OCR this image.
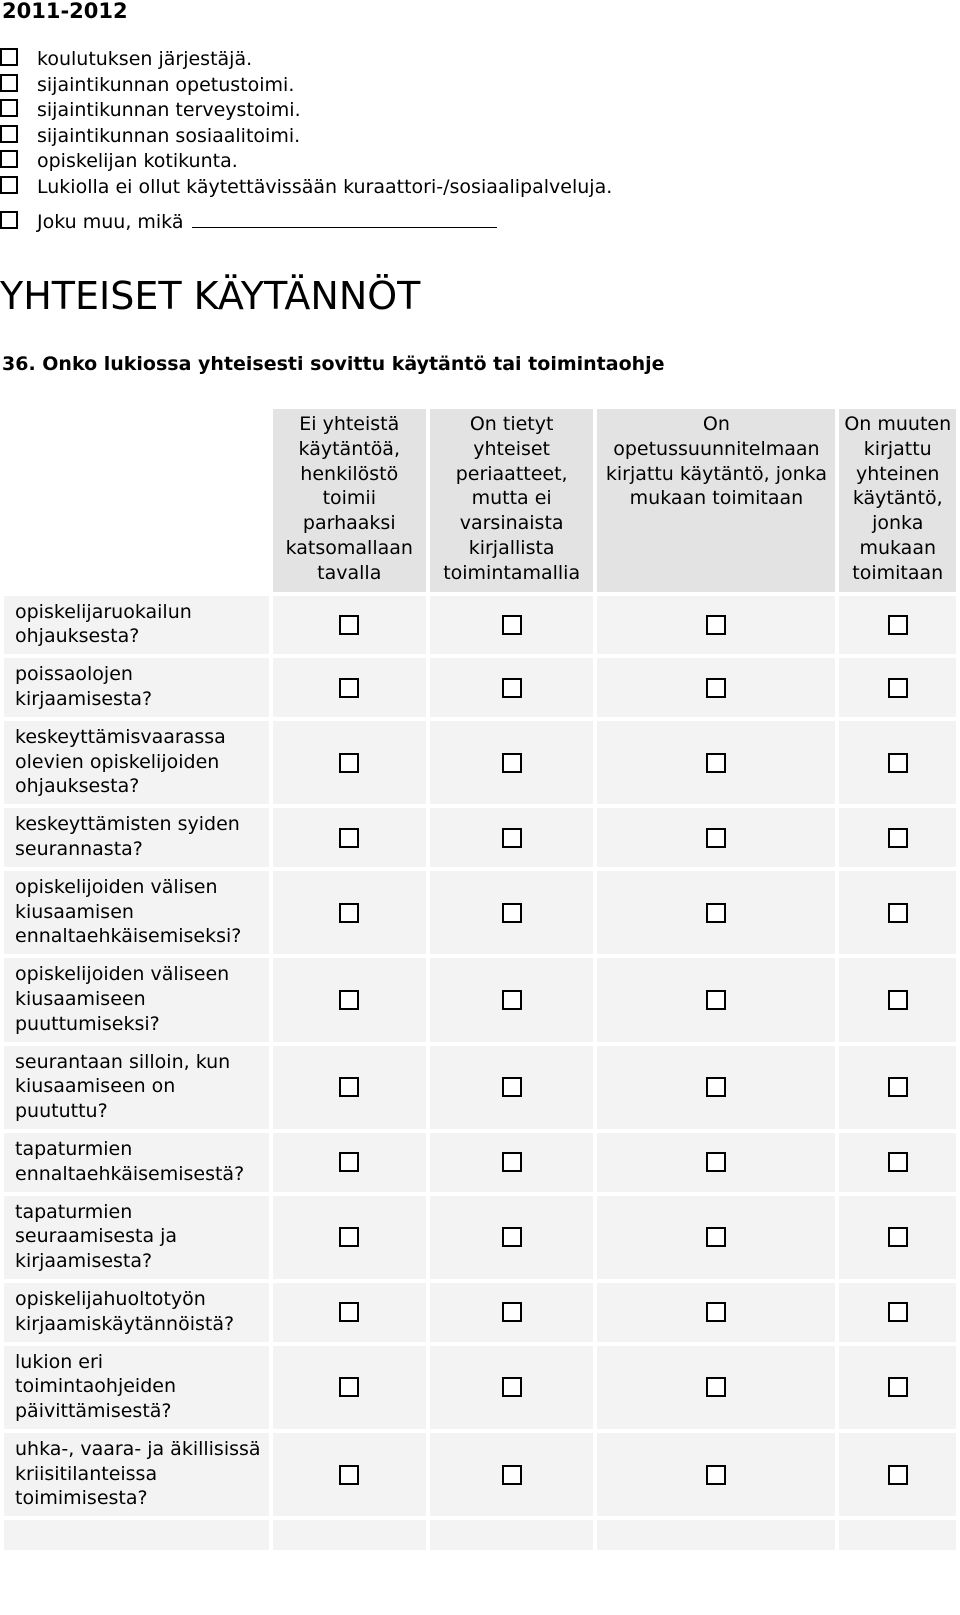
2011-2012
koulutuksen järjestäjä.
sijaintikunnan opetustoimi.
sijaintikunnan terveystoimi.
sijaintikunnan sosiaalitoimi.
opiskelijan kotikunta.
Lukiolla ei ollut käytettävissään kuraattori-/sosiaalipalveluja.
Joku muu, mikä
YHTEISET KÄYTÄNNÖT
36. Onko lukiossa yhteisesti sovittu käytäntö tai toimintaohje
	Ei yhteistä käytäntöä, henkilöstö toimii parhaaksi katsomallaan tavalla	On tietyt yhteiset periaatteet, mutta ei varsinaista kirjallista toimintamallia	On opetussuunnitelmaan kirjattu käytäntö, jonka mukaan toimitaan	On muuten kirjattu yhteinen käytäntö, jonka mukaan toimitaan
opiskelijaruokailun ohjauksesta?				
poissaolojen kirjaamisesta?				
keskeyttämisvaarassa olevien opiskelijoiden ohjauksesta?				
keskeyttämisten syiden seurannasta?				
opiskelijoiden välisen kiusaamisen ennaltaehkäisemiseksi?				
opiskelijoiden väliseen kiusaamiseen puuttumiseksi?				
seurantaan silloin, kun kiusaamiseen on puututtu?				
tapaturmien ennaltaehkäisemisestä?				
tapaturmien seuraamisesta ja kirjaamisesta?				
opiskelijahuoltotyön kirjaamiskäytännöistä?				
lukion eri toimintaohjeiden päivittämisestä?				
uhka-, vaara- ja äkillisissä kriisitilanteissa toimimisesta?				
